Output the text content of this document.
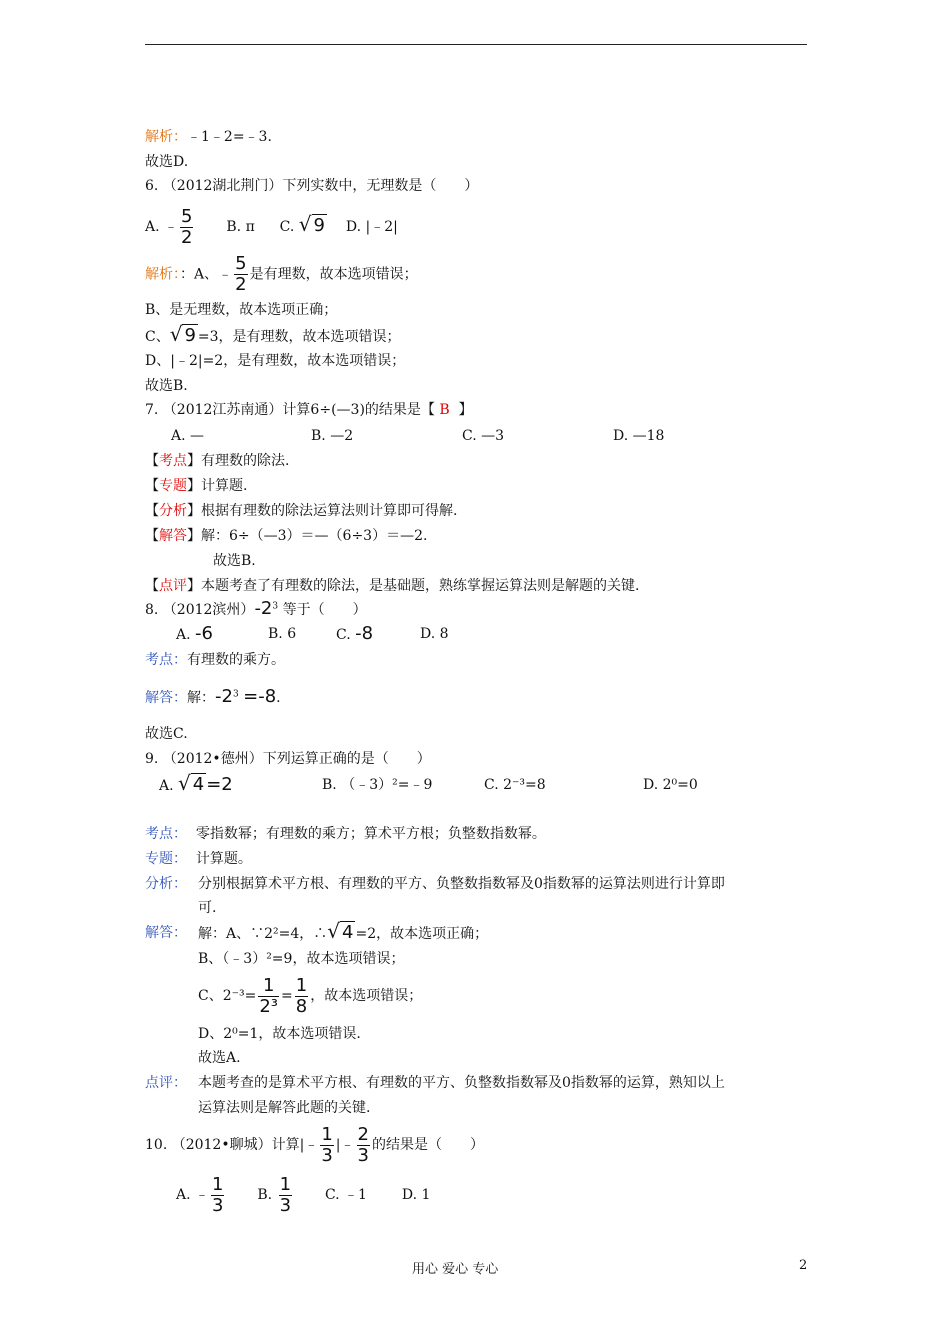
解析：﹣1﹣2=﹣3.
故选D.
6. （2012湖北荆门）下列实数中，无理数是（　　）
A. ﹣ $\frac{5}{2} B$. π C. √ 9 D. |﹣2|
解析：：A、﹣ $\frac{5}{2}$ 是有理数，故本选项错误；
B、是无理数，故本选项正确；
C、√ 9 =3，是有理数，故本选项错误；
D、|﹣2|=2，是有理数，故本选项错误；
故选B.
7. （2012江苏南通）计算6÷(—3)的结果是【 B 】
A. —	B. —2	C. —3	D. —18
【考点】有理数的除法.
【专题】计算题.
【分析】根据有理数的除法运算法则计算即可得解.
【解答】解：6÷（—3）＝—（6÷3）＝—2.
故选B.
【点评】本题考查了有理数的除法，是基础题，熟练掌握运算法则是解题的关键.
8. （2012滨州）$-2^3$ 等于（　　）
A. -6	B. 6	C. -8	D. 8
考点：有理数的乘方。
解答：解：$-2^3 =-8$.
故选C.
9. （2012•德州）下列运算正确的是（　　）
A. √ 4 =2	B. （﹣3）²=﹣9	C. 2⁻³=8	D. 2⁰=0
考点： 零指数幂；有理数的乘方；算术平方根；负整数指数幂。
专题： 计算题。
分析： 分别根据算术平方根、有理数的平方、负整数指数幂及0指数幂的运算法则进行计算即
可.
解答： 解：A、∵2²=4，∴√ 4 =2，故本选项正确；
B、（﹣3）²=9，故本选项错误；
C、$2^{-3}= \frac{1}{\text{2³}} = \frac{1}{8}$ ，故本选项错误；
D、2⁰=1，故本选项错误.
故选A.
点评： 本题考查的是算术平方根、有理数的平方、负整数指数幂及0指数幂的运算，熟知以上
运算法则是解答此题的关键.
10. （2012•聊城）计算|﹣ $\frac{1}{3}$ |﹣ $\frac{2}{3}$ 的结果是（　　）
A. ﹣ $\frac{1}{3} B$. $\frac{1}{3} C$. ﹣1 D. 1
用心 爱心 专心	2
